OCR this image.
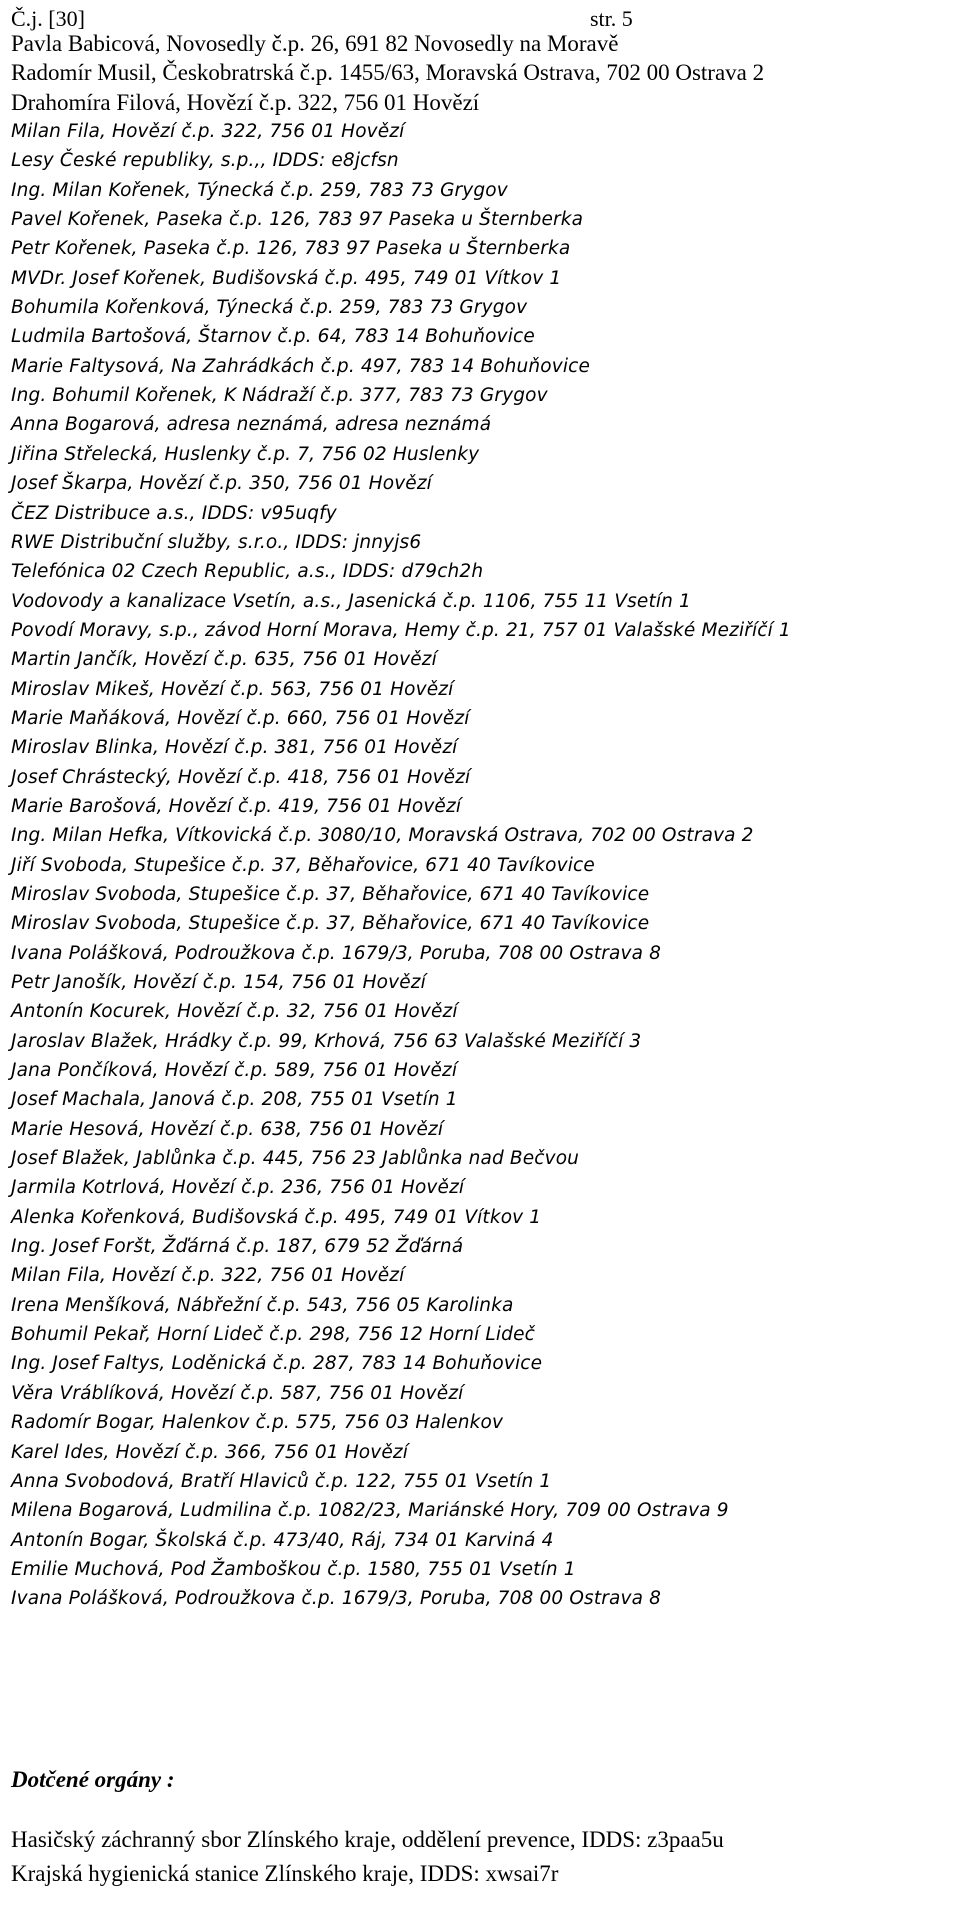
Č.j. [30]	str. 5
Pavla Babicová, Novosedly č.p. 26, 691 82 Novosedly na Moravě
Radomír Musil, Českobratrská č.p. 1455/63, Moravská Ostrava, 702 00 Ostrava 2
Drahomíra Filová, Hovězí č.p. 322, 756 01 Hovězí
Milan Fila, Hovězí č.p. 322, 756 01 Hovězí
Lesy České republiky, s.p.,, IDDS: e8jcfsn
Ing. Milan Kořenek, Týnecká č.p. 259, 783 73 Grygov
Pavel Kořenek, Paseka č.p. 126, 783 97 Paseka u Šternberka
Petr Kořenek, Paseka č.p. 126, 783 97 Paseka u Šternberka
MVDr. Josef Kořenek, Budišovská č.p. 495, 749 01 Vítkov 1
Bohumila Kořenková, Týnecká č.p. 259, 783 73 Grygov
Ludmila Bartošová, Štarnov č.p. 64, 783 14 Bohuňovice
Marie Faltysová, Na Zahrádkách č.p. 497, 783 14 Bohuňovice
Ing. Bohumil Kořenek, K Nádraží č.p. 377, 783 73 Grygov
Anna Bogarová, adresa neznámá, adresa neznámá
Jiřina Střelecká, Huslenky č.p. 7, 756 02 Huslenky
Josef Škarpa, Hovězí č.p. 350, 756 01 Hovězí
ČEZ Distribuce a.s., IDDS: v95uqfy
RWE Distribuční služby, s.r.o., IDDS: jnnyjs6
Telefónica 02 Czech Republic, a.s., IDDS: d79ch2h
Vodovody a kanalizace Vsetín, a.s., Jasenická č.p. 1106, 755 11 Vsetín 1
Povodí Moravy, s.p., závod Horní Morava, Hemy č.p. 21, 757 01 Valašské Meziříčí 1
Martin Jančík, Hovězí č.p. 635, 756 01 Hovězí
Miroslav Mikeš, Hovězí č.p. 563, 756 01 Hovězí
Marie Maňáková, Hovězí č.p. 660, 756 01 Hovězí
Miroslav Blinka, Hovězí č.p. 381, 756 01 Hovězí
Josef Chrástecký, Hovězí č.p. 418, 756 01 Hovězí
Marie Barošová, Hovězí č.p. 419, 756 01 Hovězí
Ing. Milan Hefka, Vítkovická č.p. 3080/10, Moravská Ostrava, 702 00 Ostrava 2
Jiří Svoboda, Stupešice č.p. 37, Běhařovice, 671 40 Tavíkovice
Miroslav Svoboda, Stupešice č.p. 37, Běhařovice, 671 40 Tavíkovice
Miroslav Svoboda, Stupešice č.p. 37, Běhařovice, 671 40 Tavíkovice
Ivana Polášková, Podroužkova č.p. 1679/3, Poruba, 708 00 Ostrava 8
Petr Janošík, Hovězí č.p. 154, 756 01 Hovězí
Antonín Kocurek, Hovězí č.p. 32, 756 01 Hovězí
Jaroslav Blažek, Hrádky č.p. 99, Krhová, 756 63 Valašské Meziříčí 3
Jana Pončíková, Hovězí č.p. 589, 756 01 Hovězí
Josef Machala, Janová č.p. 208, 755 01 Vsetín 1
Marie Hesová, Hovězí č.p. 638, 756 01 Hovězí
Josef Blažek, Jablůnka č.p. 445, 756 23 Jablůnka nad Bečvou
Jarmila Kotrlová, Hovězí č.p. 236, 756 01 Hovězí
Alenka Kořenková, Budišovská č.p. 495, 749 01 Vítkov 1
Ing. Josef Foršt, Žďárná č.p. 187, 679 52 Žďárná
Milan Fila, Hovězí č.p. 322, 756 01 Hovězí
Irena Menšíková, Nábřežní č.p. 543, 756 05 Karolinka
Bohumil Pekař, Horní Lideč č.p. 298, 756 12 Horní Lideč
Ing. Josef Faltys, Loděnická č.p. 287, 783 14 Bohuňovice
Věra Vráblíková, Hovězí č.p. 587, 756 01 Hovězí
Radomír Bogar, Halenkov č.p. 575, 756 03 Halenkov
Karel Ides, Hovězí č.p. 366, 756 01 Hovězí
Anna Svobodová, Bratří Hlaviců č.p. 122, 755 01 Vsetín 1
Milena Bogarová, Ludmilina č.p. 1082/23, Mariánské Hory, 709 00 Ostrava 9
Antonín Bogar, Školská č.p. 473/40, Ráj, 734 01 Karviná 4
Emilie Muchová, Pod Žamboškou č.p. 1580, 755 01 Vsetín 1
Ivana Polášková, Podroužkova č.p. 1679/3, Poruba, 708 00 Ostrava 8
Dotčené orgány :
Hasičský záchranný sbor Zlínského kraje, oddělení prevence, IDDS: z3paa5u
Krajská hygienická stanice Zlínského kraje, IDDS: xwsai7r
